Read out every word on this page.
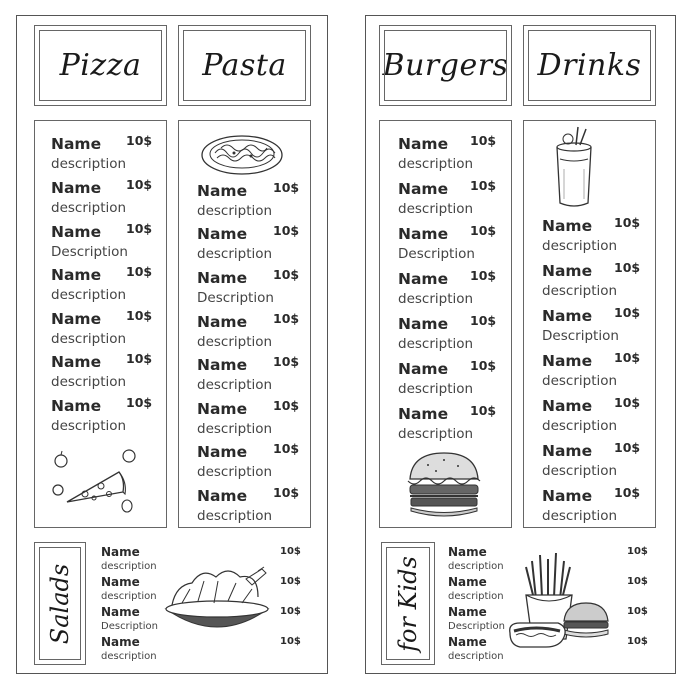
Pizza	Pasta
Name
description
10$
Name
description
10$
Name
Description
10$
Name
description
10$
Name
description
10$
Name
description
10$
Name
description
10$
Name
description
10$
Name
description
10$
Name
Description
10$
Name
description
10$
Name
description
10$
Name
description
10$
Name
description
10$
Name
description
10$
Salads
Name
description
Name
description
Name
Description
Name
description
10$
10$
10$
10$
Burgers Drinks
Name
description
10$
Name
description
10$
Name
Description
10$
Name
description
10$
Name
description
10$
Name
description
10$
Name
description
10$
Name
description
10$
Name
description
10$
Name
Description
10$
Name
description
10$
Name
description
10$
Name
description
10$
Name
description
10$
for Kids
Name
description
Name
description
Name
Description
Name
description
10$
10$
10$
10$
